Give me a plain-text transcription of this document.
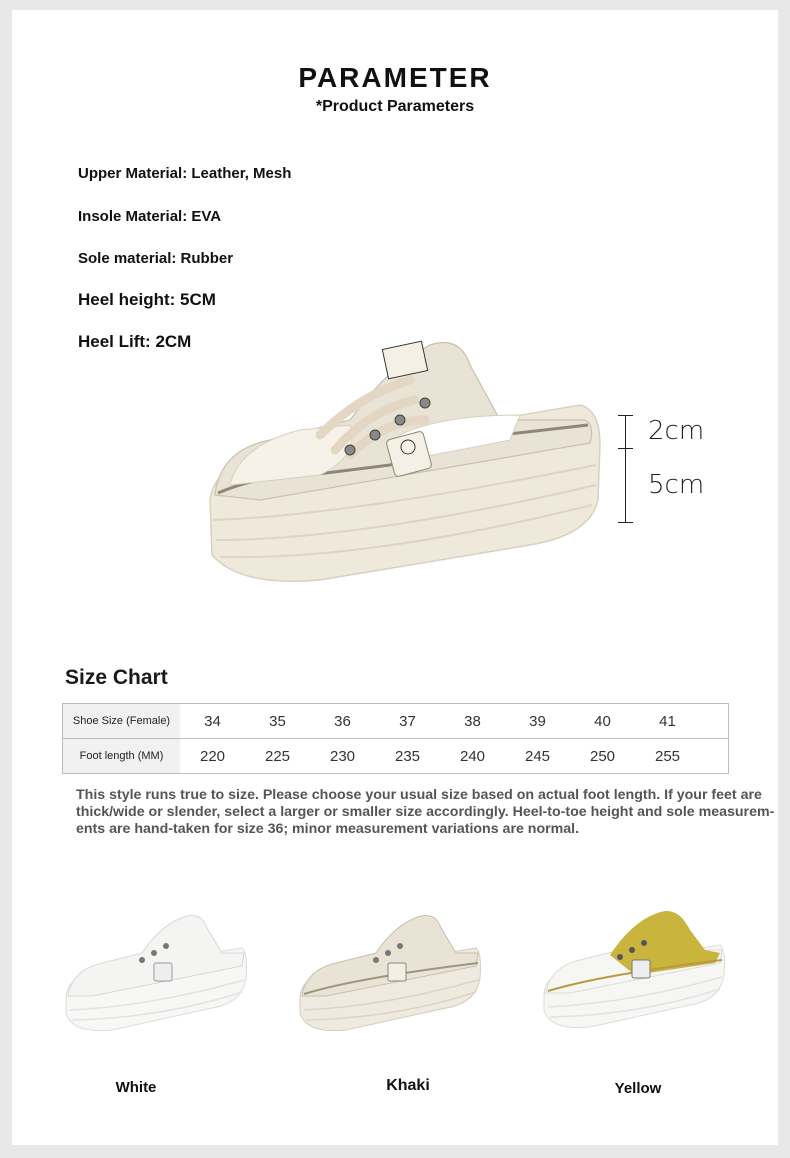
PARAMETER
*Product Parameters
Upper Material: Leather, Mesh
Insole Material: EVA
Sole material: Rubber
Heel height: 5CM
Heel Lift: 2CM
2cm
5cm
Size Chart
Shoe Size (Female)	34	35	36	37	38	39	40	41	
Foot length (MM)	220	225	230	235	240	245	250	255	
This style runs true to size. Please choose your usual size based on actual foot length. If your feet are thick/wide or slender, select a larger or smaller size accordingly. Heel-to-toe height and sole measurem-ents are hand-taken for size 36; minor measurement variations are normal.
White	Khaki	Yellow
